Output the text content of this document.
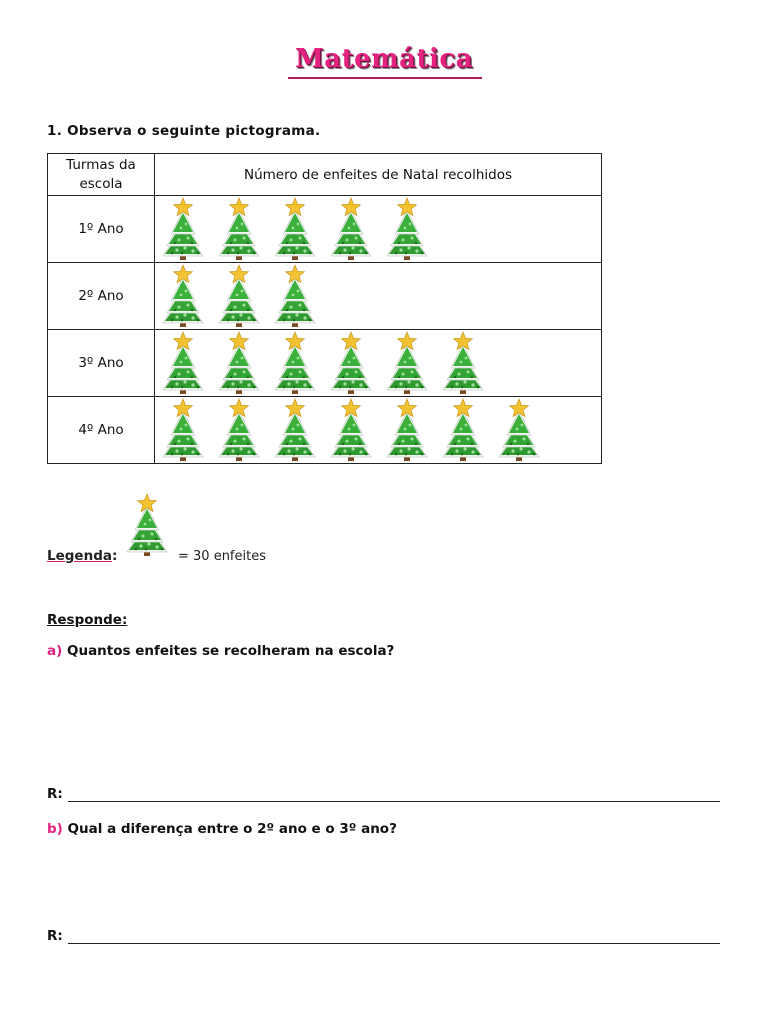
Matemática
1. Observa o seguinte pictograma.
Turmas da escola	Número de enfeites de Natal recolhidos
1º Ano	

2º Ano	

3º Ano	

4º Ano	
Legenda:	= 30 enfeites
Responde:
a) Quantos enfeites se recolheram na escola?
R:
b) Qual a diferença entre o 2º ano e o 3º ano?
R:
